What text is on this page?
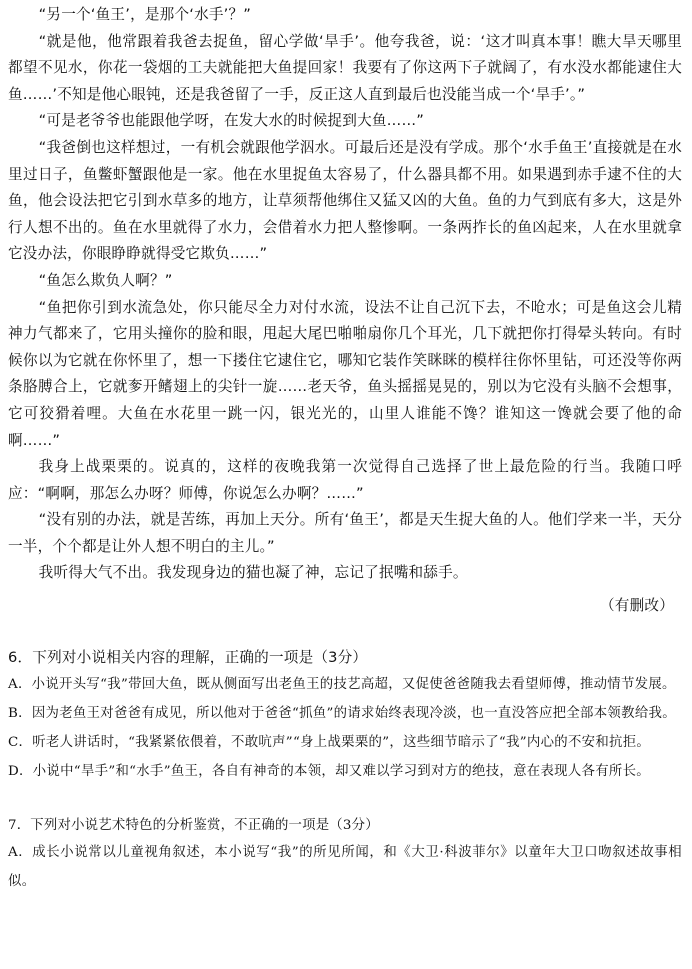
“另一个‘鱼王’，是那个‘水手’？”

“就是他，他常跟着我爸去捉鱼，留心学做‘旱手’。他夸我爸，说：‘这才叫真本事！瞧大旱天哪里都望不见水，你花一袋烟的工夫就能把大鱼提回家！我要有了你这两下子就阔了，有水没水都能逮住大鱼……’不知是他心眼钝，还是我爸留了一手，反正这人直到最后也没能当成一个‘旱手’。”

“可是老爷爷也能跟他学呀，在发大水的时候捉到大鱼……”

“我爸倒也这样想过，一有机会就跟他学泅水。可最后还是没有学成。那个‘水手鱼王’直接就是在水里过日子，鱼鳖虾蟹跟他是一家。他在水里捉鱼太容易了，什么器具都不用。如果遇到赤手逮不住的大鱼，他会设法把它引到水草多的地方，让草须帮他绑住又猛又凶的大鱼。鱼的力气到底有多大，这是外行人想不出的。鱼在水里就得了水力，会借着水力把人整惨啊。一条两拃长的鱼凶起来，人在水里就拿它没办法，你眼睁睁就得受它欺负……”

“鱼怎么欺负人啊？”

“鱼把你引到水流急处，你只能尽全力对付水流，设法不让自己沉下去，不呛水；可是鱼这会儿精神力气都来了，它用头撞你的脸和眼，甩起大尾巴啪啪扇你几个耳光，几下就把你打得晕头转向。有时候你以为它就在你怀里了，想一下搂住它逮住它，哪知它装作笑眯眯的模样往你怀里钻，可还没等你两条胳膊合上，它就奓开鳍翅上的尖针一旋……老天爷，鱼头摇摇晃晃的，别以为它没有头脑不会想事，它可狡猾着哩。大鱼在水花里一跳一闪，银光光的，山里人谁能不馋？谁知这一馋就会要了他的命啊……”

我身上战栗栗的。说真的，这样的夜晚我第一次觉得自己选择了世上最危险的行当。我随口呼应：“啊啊，那怎么办呀？师傅，你说怎么办啊？……”

“没有别的办法，就是苦练，再加上天分。所有‘鱼王’，都是天生捉大鱼的人。他们学来一半，天分一半，个个都是让外人想不明白的主儿。”

我听得大气不出。我发现身边的猫也凝了神，忘记了抿嘴和舔手。

（有删改）

6．下列对小说相关内容的理解，正确的一项是（3分）

A．小说开头写“我”带回大鱼，既从侧面写出老鱼王的技艺高超，又促使爸爸随我去看望师傅，推动情节发展。

B．因为老鱼王对爸爸有成见，所以他对于爸爸“抓鱼”的请求始终表现冷淡，也一直没答应把全部本领教给我。

C．听老人讲话时，“我紧紧依偎着，不敢吭声”“身上战栗栗的”，这些细节暗示了“我”内心的不安和抗拒。

D．小说中“旱手”和“水手”鱼王，各自有神奇的本领，却又难以学习到对方的绝技，意在表现人各有所长。

7．下列对小说艺术特色的分析鉴赏，不正确的一项是（3分）

A．成长小说常以儿童视角叙述，本小说写“我”的所见所闻，和《大卫·科波菲尔》以童年大卫口吻叙述故事相似。
